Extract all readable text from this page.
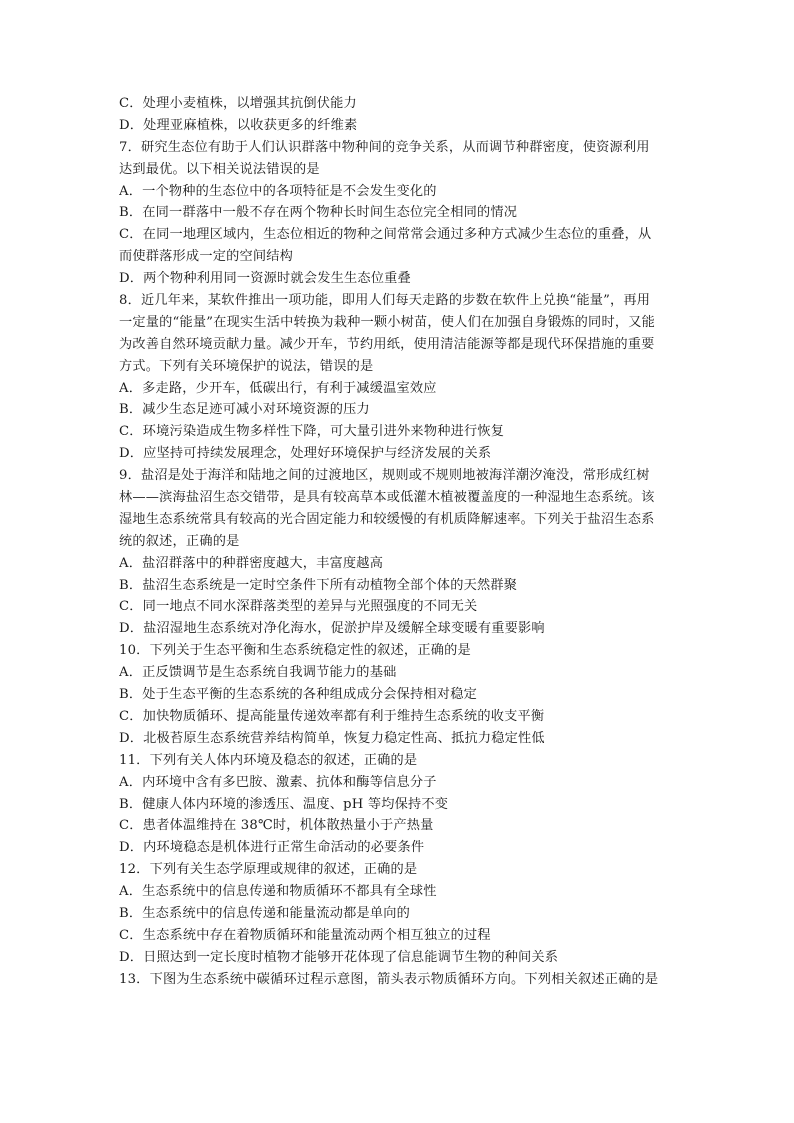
C．处理小麦植株，以增强其抗倒伏能力
D．处理亚麻植株，以收获更多的纤维素
7．研究生态位有助于人们认识群落中物种间的竞争关系，从而调节种群密度，使资源利用
达到最优。以下相关说法错误的是
A．一个物种的生态位中的各项特征是不会发生变化的
B．在同一群落中一般不存在两个物种长时间生态位完全相同的情况
C．在同一地理区域内，生态位相近的物种之间常常会通过多种方式减少生态位的重叠，从
而使群落形成一定的空间结构
D．两个物种利用同一资源时就会发生生态位重叠
8．近几年来，某软件推出一项功能，即用人们每天走路的步数在软件上兑换“能量”，再用
一定量的“能量”在现实生活中转换为栽种一颗小树苗，使人们在加强自身锻炼的同时，又能
为改善自然环境贡献力量。减少开车，节约用纸，使用清洁能源等都是现代环保措施的重要
方式。下列有关环境保护的说法，错误的是
A．多走路，少开车，低碳出行，有利于减缓温室效应
B．减少生态足迹可减小对环境资源的压力
C．环境污染造成生物多样性下降，可大量引进外来物种进行恢复
D．应坚持可持续发展理念，处理好环境保护与经济发展的关系
9．盐沼是处于海洋和陆地之间的过渡地区，规则或不规则地被海洋潮汐淹没，常形成红树
林——滨海盐沼生态交错带，是具有较高草本或低灌木植被覆盖度的一种湿地生态系统。该
湿地生态系统常具有较高的光合固定能力和较缓慢的有机质降解速率。下列关于盐沼生态系
统的叙述，正确的是
A．盐沼群落中的种群密度越大，丰富度越高
B．盐沼生态系统是一定时空条件下所有动植物全部个体的天然群聚
C．同一地点不同水深群落类型的差异与光照强度的不同无关
D．盐沼湿地生态系统对净化海水，促淤护岸及缓解全球变暖有重要影响
10．下列关于生态平衡和生态系统稳定性的叙述，正确的是
A．正反馈调节是生态系统自我调节能力的基础
B．处于生态平衡的生态系统的各种组成成分会保持相对稳定
C．加快物质循环、提高能量传递效率都有利于维持生态系统的收支平衡
D．北极苔原生态系统营养结构简单，恢复力稳定性高、抵抗力稳定性低
11．下列有关人体内环境及稳态的叙述，正确的是
A．内环境中含有多巴胺、激素、抗体和酶等信息分子
B．健康人体内环境的渗透压、温度、pH 等均保持不变
C．患者体温维持在 38℃时，机体散热量小于产热量
D．内环境稳态是机体进行正常生命活动的必要条件
12．下列有关生态学原理或规律的叙述，正确的是
A．生态系统中的信息传递和物质循环不都具有全球性
B．生态系统中的信息传递和能量流动都是单向的
C．生态系统中存在着物质循环和能量流动两个相互独立的过程
D．日照达到一定长度时植物才能够开花体现了信息能调节生物的种间关系
13．下图为生态系统中碳循环过程示意图，箭头表示物质循环方向。下列相关叙述正确的是
